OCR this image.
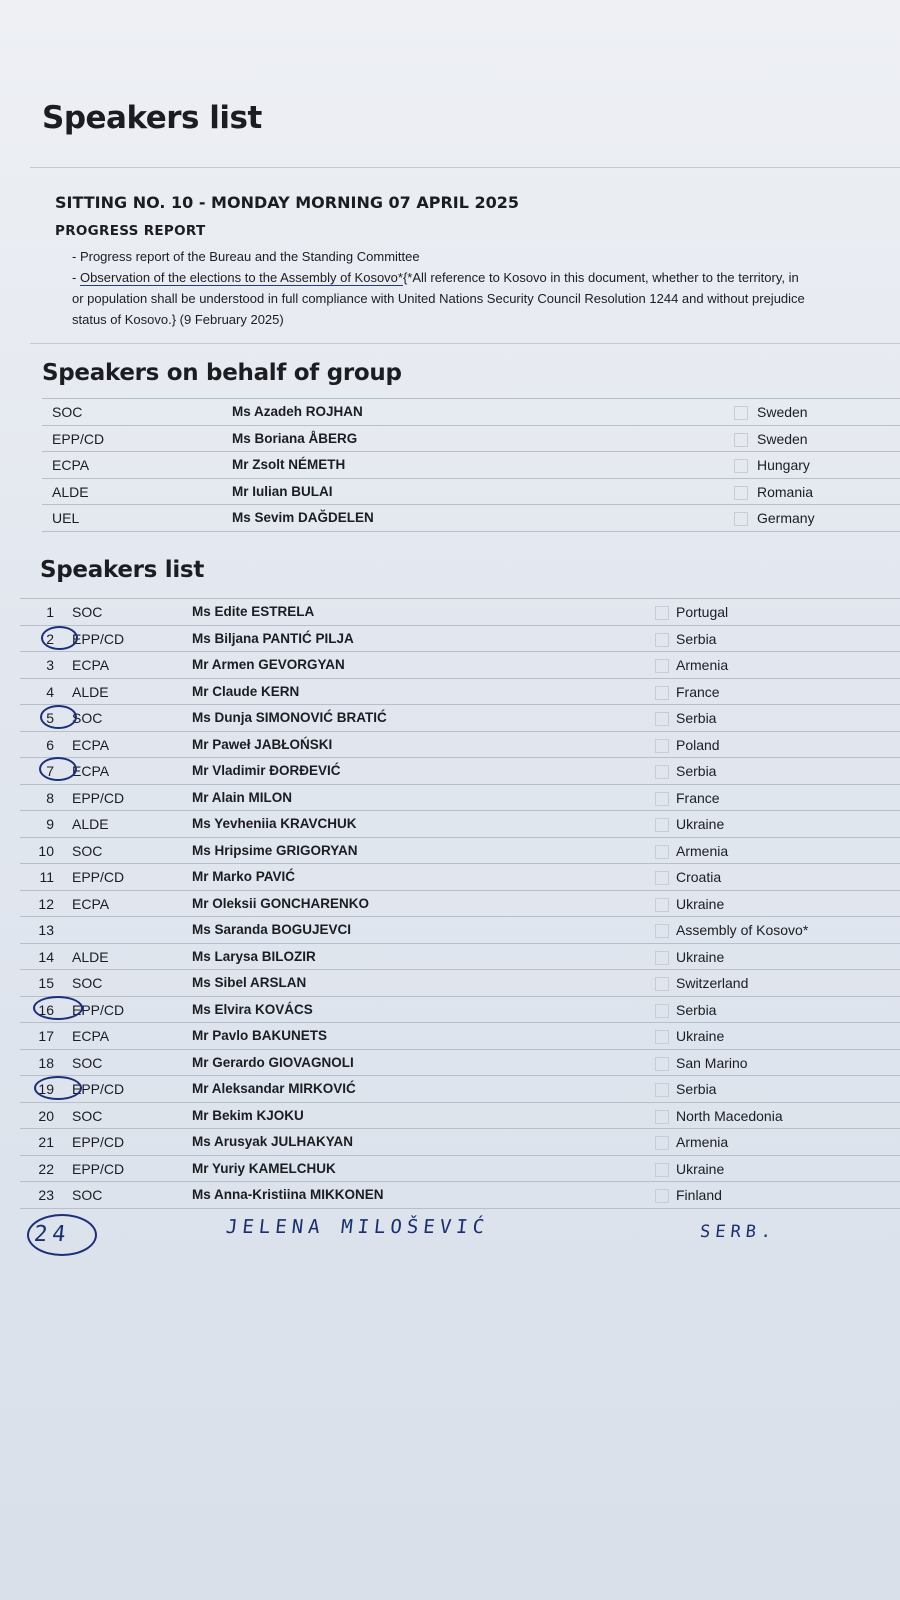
Speakers list
SITTING NO. 10 - MONDAY MORNING 07 APRIL 2025
PROGRESS REPORT
- Progress report of the Bureau and the Standing Committee
- Observation of the elections to the Assembly of Kosovo*{*All reference to Kosovo in this document, whether to the territory, in
or population shall be understood in full compliance with United Nations Security Council Resolution 1244 and without prejudice
status of Kosovo.} (9 February 2025)
Speakers on behalf of group
SOC	Ms Azadeh ROJHAN	Sweden
EPP/CD	Ms Boriana ÅBERG	Sweden
ECPA	Mr Zsolt NÉMETH	Hungary
ALDE	Mr Iulian BULAI	Romania
UEL	Ms Sevim DAĞDELEN	Germany
Speakers list
1 SOC	Ms Edite ESTRELA	Portugal
2 EPP/CD	Ms Biljana PANTIĆ PILJA	Serbia
3 ECPA	Mr Armen GEVORGYAN	Armenia
4 ALDE	Mr Claude KERN	France
5 SOC	Ms Dunja SIMONOVIĆ BRATIĆ	Serbia
6 ECPA	Mr Paweł JABŁOŃSKI	Poland
7 ECPA	Mr Vladimir ĐORĐEVIĆ	Serbia
8 EPP/CD	Mr Alain MILON	France
9 ALDE	Ms Yevheniia KRAVCHUK	Ukraine
10 SOC	Ms Hripsime GRIGORYAN	Armenia
11 EPP/CD	Mr Marko PAVIĆ	Croatia
12 ECPA	Mr Oleksii GONCHARENKO	Ukraine
13	Ms Saranda BOGUJEVCI	Assembly of Kosovo*
14 ALDE	Ms Larysa BILOZIR	Ukraine
15 SOC	Ms Sibel ARSLAN	Switzerland
16 EPP/CD	Ms Elvira KOVÁCS	Serbia
17 ECPA	Mr Pavlo BAKUNETS	Ukraine
18 SOC	Mr Gerardo GIOVAGNOLI	San Marino
19 EPP/CD	Mr Aleksandar MIRKOVIĆ	Serbia
20 SOC	Mr Bekim KJOKU	North Macedonia
21 EPP/CD	Ms Arusyak JULHAKYAN	Armenia
22 EPP/CD	Mr Yuriy KAMELCHUK	Ukraine
23 SOC	Ms Anna-Kristiina MIKKONEN	Finland
24	JELENA MILOŠEVIĆ	SERB.
